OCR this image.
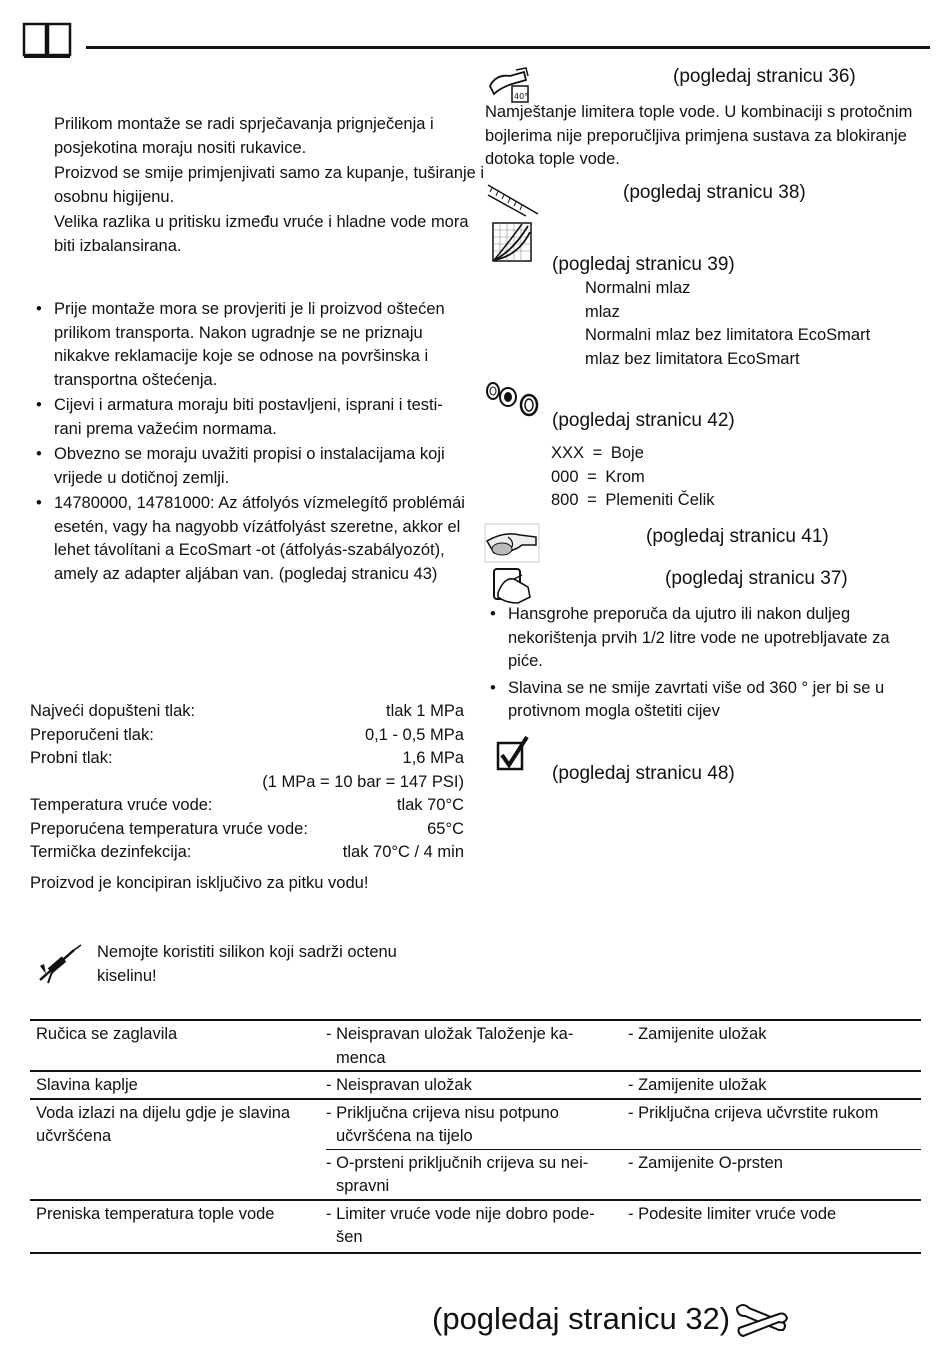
Prilikom montaže se radi sprječavanja prignječenja i posjekotina moraju nositi rukavice.

Proizvod se smije primjenjivati samo za kupanje, tuširanje i osobnu higijenu.

Velika razlika u pritisku između vruće i hladne vode mora biti izbalansirana.

• Prije montaže mora se provjeriti je li proizvod oštećen prilikom transporta. Nakon ugradnje se ne priznaju nikakve reklamacije koje se odnose na površinska i transportna oštećenja.
• Cijevi i armatura moraju biti postavljeni, isprani i testi-rani prema važećim normama.
• Obvezno se moraju uvažiti propisi o instalacijama koji vrijede u dotičnoj zemlji.
• 14780000, 14781000: Az átfolyós vízmelegítő problémái esetén, vagy ha nagyobb vízátfolyást szeretne, akkor el lehet távolítani a EcoSmart -ot (átfolyás-szabályozót), amely az adapter aljában van. (pogledaj stranicu 43)
Najveći dopušteni tlak:	tlak 1 MPa
Preporučeni tlak:	0,1 - 0,5 MPa
Probni tlak:	1,6 MPa
(1 MPa = 10 bar = 147 PSI)
Temperatura vruće vode:	tlak 70°C
Preporućena temperatura vruće vode:	65°C
Termička dezinfekcija:	tlak 70°C / 4 min

Proizvod je koncipiran isključivo za pitku vodu!

Nemojte koristiti silikon koji sadrži octenu kiselinu!
40°
(pogledaj stranicu 36)
Namještanje limitera tople vode. U kombinaciji s protočnim bojlerima nije preporučljiva primjena sustava za blokiranje dotoka tople vode.
(pogledaj stranicu 38)
(pogledaj stranicu 39)
Normalni mlaz
mlaz
Normalni mlaz bez limitatora EcoSmart
mlaz bez limitatora EcoSmart
(pogledaj stranicu 42)
XXX = Boje
000 = Krom
800 = Plemeniti Čelik
(pogledaj stranicu 41)
(pogledaj stranicu 37)
• Hansgrohe preporuča da ujutro ili nakon duljeg nekorištenja prvih 1/2 litre vode ne upotrebljavate za piće.
• Slavina se ne smije zavrtati više od 360 ° jer bi se u protivnom mogla oštetiti cijev
(pogledaj stranicu 48)
Ručica se zaglavila	- Neispravan uložak Taloženje ka-menca	- Zamijenite uložak
Slavina kaplje	- Neispravan uložak	- Zamijenite uložak
Voda izlazi na dijelu gdje je slavina učvršćena	- Priključna crijeva nisu potpuno učvršćena na tijelo	- Priključna crijeva učvrstite rukom
	- O-prsteni priključnih crijeva su nei-spravni	- Zamijenite O-prsten
Preniska temperatura tople vode	- Limiter vruće vode nije dobro pode-šen	- Podesite limiter vruće vode
(pogledaj stranicu 32)
